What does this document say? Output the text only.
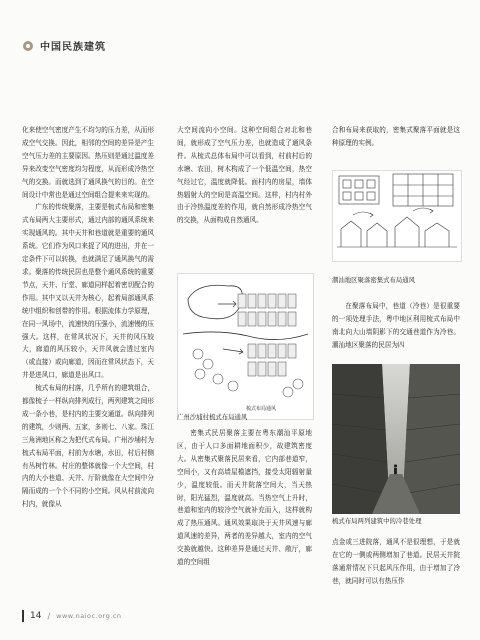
中国民族建筑

化来使空气密度产生不均匀的压力差，从而形成空气交换。因此，相邻的空间的差异是产生空气压力差的主要原因。热压则是通过温度差异来改变空气密度均匀程度，从而形成冷热空气的交换。而就选到了通风换气的目的。在空间设计中常也是通过空间组合提来来实现的。

广东的传统聚落，主要是梳式布局和密集式布局两大主要形式，通过内部的通风系统来实现通风的。其中天井和巷道就是重要的通风系统。它们作为风口来捉了风的进出，并在一定条件下可以转换，也就满足了通风换气的需求。聚落的传统民居也是整个通风系统的重要节点，天井、厅堂、廊道同样起着密切配合的作用。其中又以天井为核心，起着局部通风系统中组织和创带的作用。根据流体力学原理，在同一风场中，流速快的压强小，流速慢的压强大。这样，在常风状况下，天井的风压较大，廊道的风压较小，天井风就会透过室内（或直接）或向廊道，因而在常风状态下，天井是进风口，廊道是出风口。

梳式布局的村落，几乎所有的建筑组合，都像梳子一样纵向排列成行，两列建筑之间形成一条小巷，是村内的主要交通道。纵向排列的建筑，少则两、五家，多则七、八家。珠江三角洲地区称之为把代式布局。广州沙埔村为梳式布局平面，村前为水塘，水田，村后村侧有丛树竹林。村庄的整体就像一个大空间，村内的大小巷道、天井、厅阶就像在大空间中分隔而成的一个个不同的小空间。风从村前流向村内，就像从

大空间流向小空间。这种空间组合对北和巷间，就形成了空气压力差，也就造成了通风条件。从梳式总体布局中可以看到，村前村后的水塘、农田，树木构成了一个低温空间，热空气经过它，温度就降低。面村内的房屋，墙体热辐射大的空间是高温空间。这样，村内村外由于冷热温度差的作用，就自然形成冷热空气的交换，从面构成自然通风。

密集式民居聚落主要在粤东潮汕平原地区，由于人口多面耕地面积少，故建筑密度大。从密集式聚落民居来看，它内部巷道窄，空间小，又有高墙屋檐遮挡，接受太阳辐射量少，温度较低。而天井院落空间大，当天热时，阳光猛烈，温度就高。当热空气上升时，巷道和室内的较冷空气就补充而入，这样就构成了热压通风。通风效果取决于天井风速与廊道风速的差异，两者的差异越大，室内的空气交换就越快。这种差异是通过天井、敞厅，廊道的空间组

梳式布局通风
广州沙埔村梳式布局通风

合和布局来获取的，密集式聚落平面就是这种原理的实例。

潮汕地区聚落密集式布局通风

在聚落布局中，巷道（冷巷）是很重要的一项处理手法，粤中地区利用梳式布局中南北向大山墙阴影下的交通巷道作为冷巷。潮汕地区聚落的民居为四

梳式布局两列建筑中的冷巷处理

点金或三进院落，通风不是很理想，于是就在它的一侧或两侧增加了巷道。民居天井院落通常情况下只起风压作用，由于增加了冷巷，就同时可以有热压作

14 / www.naioc.org.cn
